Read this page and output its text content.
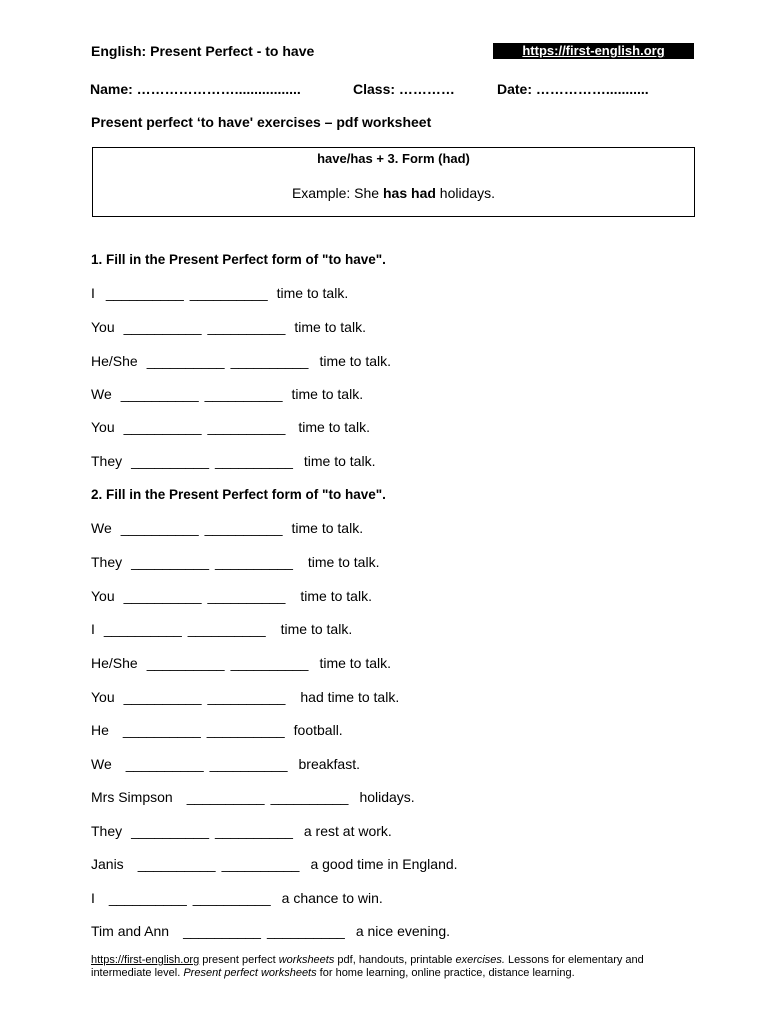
English: Present Perfect - to have	https://first-english.org
Name: ………………….................	Class: …………	Date: ……………...........
Present perfect ‘to have' exercises – pdf worksheet
have/has + 3. Form (had)
Example: She has had holidays.
1. Fill in the Present Perfect form of "to have".
I __________ __________ time to talk.
You __________ __________ time to talk.
He/She __________ __________ time to talk.
We __________ __________ time to talk.
You __________ __________ time to talk.
They __________ __________ time to talk.
2. Fill in the Present Perfect form of "to have".
We __________ __________ time to talk.
They __________ __________ time to talk.
You __________ __________ time to talk.
I __________ __________ time to talk.
He/She __________ __________ time to talk.
You __________ __________ had time to talk.
He __________ __________ football.
We __________ __________ breakfast.
Mrs Simpson __________ __________ holidays.
They __________ __________ a rest at work.
Janis __________ __________ a good time in England.
I __________ __________ a chance to win.
Tim and Ann __________ __________ a nice evening.
https://first-english.org present perfect worksheets pdf, handouts, printable exercises. Lessons for elementary and intermediate level. Present perfect worksheets for home learning, online practice, distance learning.
